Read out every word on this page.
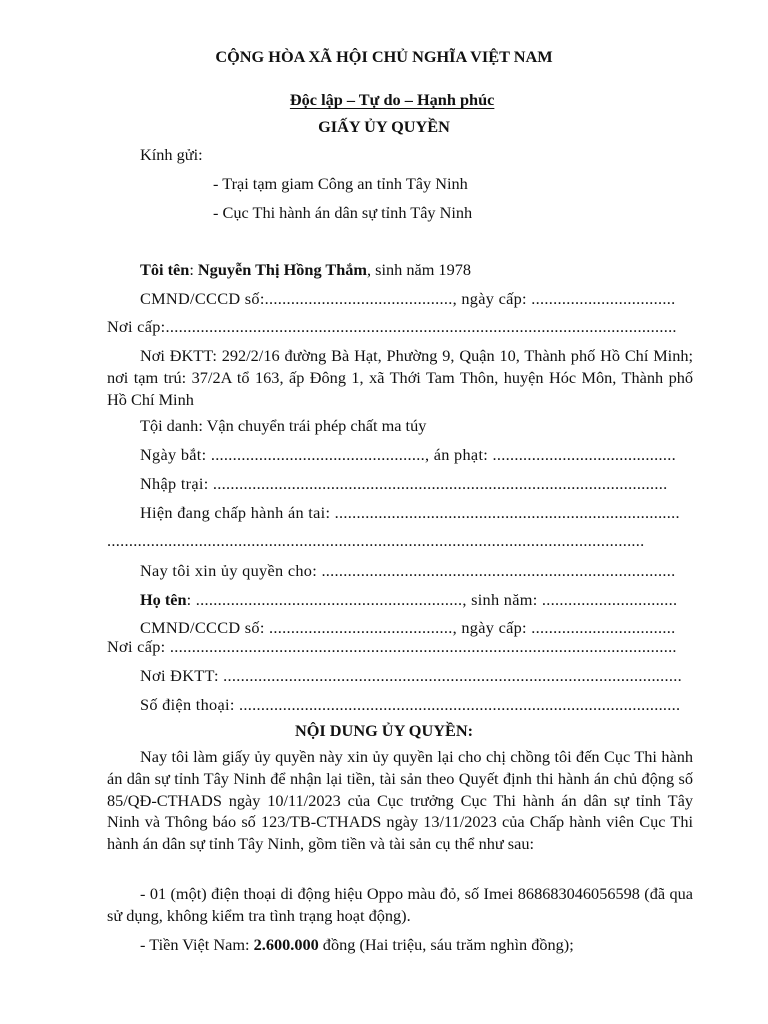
CỘNG HÒA XÃ HỘI CHỦ NGHĨA VIỆT NAM

Độc lập – Tự do – Hạnh phúc

GIẤY ỦY QUYỀN
Kính gửi:
- Trại tạm giam Công an tỉnh Tây Ninh
- Cục Thi hành án dân sự tỉnh Tây Ninh
Tôi tên: Nguyễn Thị Hồng Thắm, sinh năm 1978
CMND/CCCD số:..........................................., ngày cấp: .................................
Nơi cấp:.....................................................................................................................
Nơi ĐKTT: 292/2/16 đường Bà Hạt, Phường 9, Quận 10, Thành phố Hồ Chí Minh; nơi tạm trú: 37/2A tổ 163, ấp Đông 1, xã Thới Tam Thôn, huyện Hóc Môn, Thành phố Hồ Chí Minh
Tội danh: Vận chuyển trái phép chất ma túy
Ngày bắt: ................................................., án phạt: ..........................................
Nhập trại: ........................................................................................................
Hiện đang chấp hành án tai: ...............................................................................
...........................................................................................................................
Nay tôi xin ủy quyền cho: .................................................................................
Họ tên: ............................................................., sinh năm: ...............................
CMND/CCCD số: .........................................., ngày cấp: .................................
Nơi cấp: ....................................................................................................................
Nơi ĐKTT: .........................................................................................................
Số điện thoại: .....................................................................................................
NỘI DUNG ỦY QUYỀN:
Nay tôi làm giấy ủy quyền này xin ủy quyền lại cho chị chồng tôi đến Cục Thi hành án dân sự tỉnh Tây Ninh để nhận lại tiền, tài sản theo Quyết định thi hành án chủ động số 85/QĐ-CTHADS ngày 10/11/2023 của Cục trưởng Cục Thi hành án dân sự tỉnh Tây Ninh và Thông báo số 123/TB-CTHADS ngày 13/11/2023 của Chấp hành viên Cục Thi hành án dân sự tỉnh Tây Ninh, gồm tiền và tài sản cụ thể như sau:
- 01 (một) điện thoại di động hiệu Oppo màu đỏ, số Imei 868683046056598 (đã qua sử dụng, không kiểm tra tình trạng hoạt động).
- Tiền Việt Nam: 2.600.000 đồng (Hai triệu, sáu trăm nghìn đồng);
